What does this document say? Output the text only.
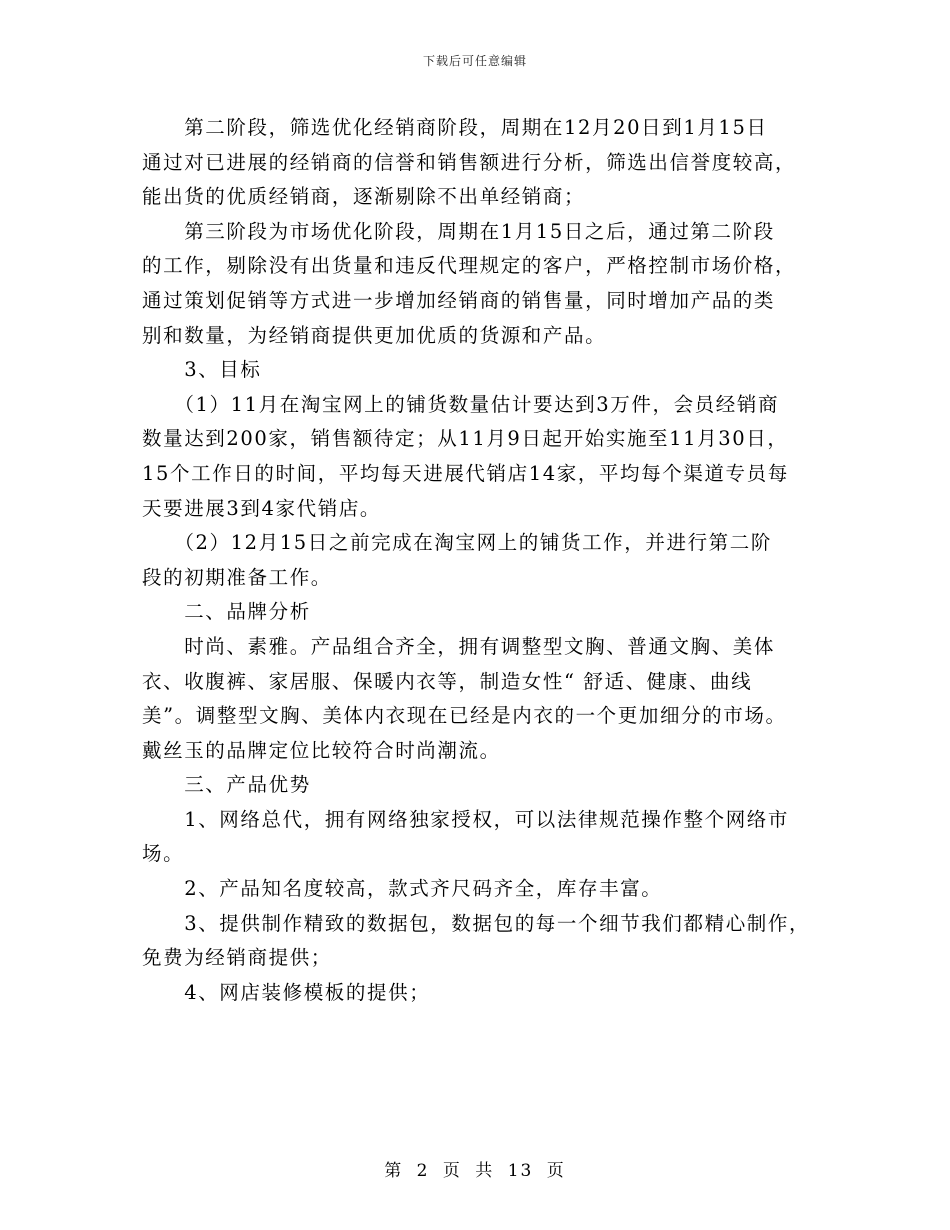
下载后可任意编辑

　　第二阶段，筛选优化经销商阶段，周期在12月20日到1月15日

通过对已进展的经销商的信誉和销售额进行分析，筛选出信誉度较高，

能出货的优质经销商，逐渐剔除不出单经销商；

　　第三阶段为市场优化阶段，周期在1月15日之后，通过第二阶段

的工作，剔除没有出货量和违反代理规定的客户，严格控制市场价格，

通过策划促销等方式进一步增加经销商的销售量，同时增加产品的类

别和数量，为经销商提供更加优质的货源和产品。

　　3、目标

　　（1）11月在淘宝网上的铺货数量估计要达到3万件，会员经销商

数量达到200家，销售额待定；从11月9日起开始实施至11月30日，

15个工作日的时间，平均每天进展代销店14家，平均每个渠道专员每

天要进展3到4家代销店。

　　（2）12月15日之前完成在淘宝网上的铺货工作，并进行第二阶

段的初期准备工作。

　　二、品牌分析

　　时尚、素雅。产品组合齐全，拥有调整型文胸、普通文胸、美体

衣、收腹裤、家居服、保暖内衣等，制造女性“ 舒适、健康、曲线

美”。调整型文胸、美体内衣现在已经是内衣的一个更加细分的市场。

戴丝玉的品牌定位比较符合时尚潮流。

　　三、产品优势

　　1、网络总代，拥有网络独家授权，可以法律规范操作整个网络市

场。

　　2、产品知名度较高，款式齐尺码齐全，库存丰富。

　　3、提供制作精致的数据包，数据包的每一个细节我们都精心制作，

免费为经销商提供；

　　4、网店装修模板的提供；

第 2 页 共 13 页
